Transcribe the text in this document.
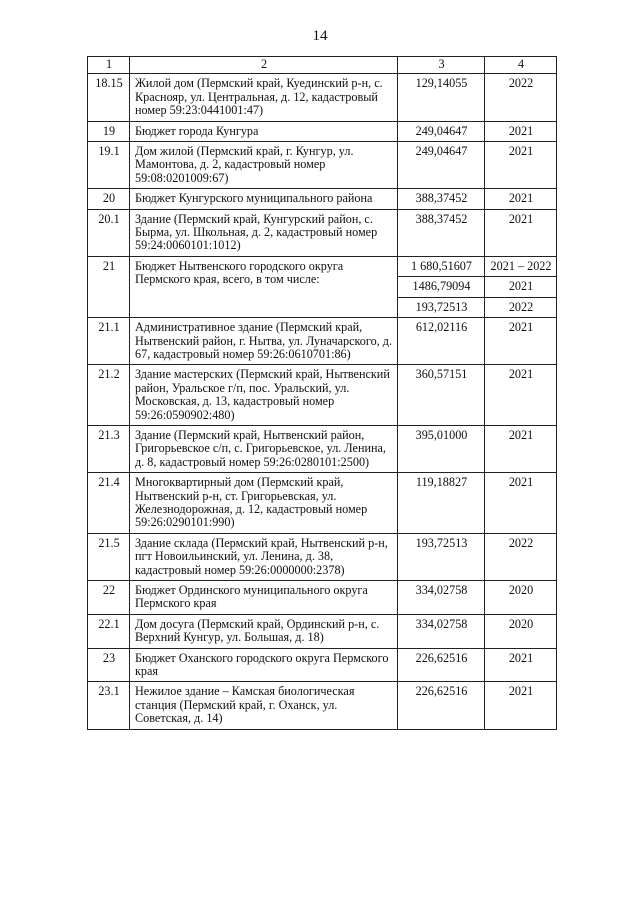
14
1	2	3	4
18.15	Жилой дом (Пермский край, Куединский р-н, с. Краснояр, ул. Центральная, д. 12, кадастровый номер 59:23:0441001:47)	129,14055	2022
19	Бюджет города Кунгура	249,04647	2021
19.1	Дом жилой (Пермский край, г. Кунгур, ул. Мамонтова, д. 2, кадастровый номер 59:08:0201009:67)	249,04647	2021
20	Бюджет Кунгурского муниципального района	388,37452	2021
20.1	Здание (Пермский край, Кунгурский район, с. Бырма, ул. Школьная, д. 2, кадастровый номер 59:24:0060101:1012)	388,37452	2021
21	Бюджет Нытвенского городского округа Пермского края, всего, в том числе:	1 680,51607	2021 – 2022
		1486,79094	2021
		193,72513	2022
21.1	Административное здание (Пермский край, Нытвенский район, г. Нытва, ул. Луначарского, д. 67, кадастровый номер 59:26:0610701:86)	612,02116	2021
21.2	Здание мастерских (Пермский край, Нытвенский район, Уральское г/п, пос. Уральский, ул. Московская, д. 13, кадастровый номер 59:26:0590902:480)	360,57151	2021
21.3	Здание (Пермский край, Нытвенский район, Григорьевское с/п, с. Григорьевское, ул. Ленина, д. 8, кадастровый номер 59:26:0280101:2500)	395,01000	2021
21.4	Многоквартирный дом (Пермский край, Нытвенский р-н, ст. Григорьевская, ул. Железнодорожная, д. 12, кадастровый номер 59:26:0290101:990)	119,18827	2021
21.5	Здание склада (Пермский край, Нытвенский р-н, пгт Новоильинский, ул. Ленина, д. 38, кадастровый номер 59:26:0000000:2378)	193,72513	2022
22	Бюджет Ординского муниципального округа Пермского края	334,02758	2020
22.1	Дом досуга (Пермский край, Ординский р-н, с. Верхний Кунгур, ул. Большая, д. 18)	334,02758	2020
23	Бюджет Оханского городского округа Пермского края	226,62516	2021
23.1	Нежилое здание – Камская биологическая станция (Пермский край, г. Оханск, ул. Советская, д. 14)	226,62516	2021
